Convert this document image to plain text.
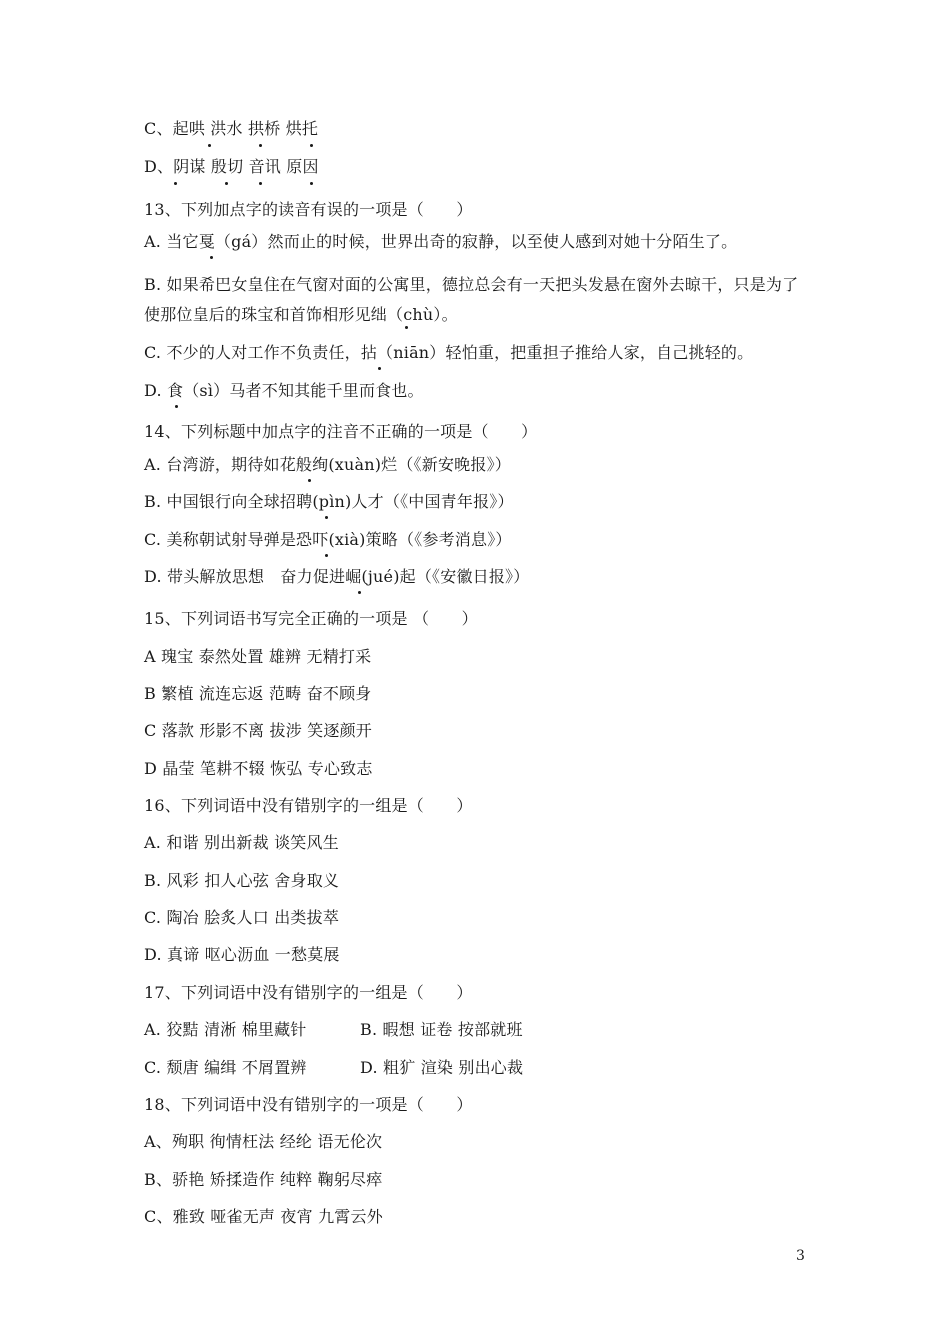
C、起哄 洪水 拱桥 烘托
D、阴谋 殷切 音讯 原因
13、下列加点字的读音有误的一项是（　　）
A. 当它戛（gá）然而止的时候，世界出奇的寂静，以至使人感到对她十分陌生了。
B. 如果希巴女皇住在气窗对面的公寓里，德拉总会有一天把头发悬在窗外去晾干，只是为了使那位皇后的珠宝和首饰相形见绌（chù）。
C. 不少的人对工作不负责任，拈（niān）轻怕重，把重担子推给人家，自己挑轻的。
D. 食（sì）马者不知其能千里而食也。
14、下列标题中加点字的注音不正确的一项是（　　）
A. 台湾游，期待如花般绚(xuàn)烂（《新安晚报》）
B. 中国银行向全球招聘(pìn)人才（《中国青年报》）
C. 美称朝试射导弹是恐吓(xià)策略（《参考消息》）
D. 带头解放思想　奋力促进崛(jué)起（《安徽日报》）
15、下列词语书写完全正确的一项是 （　　）
A 瑰宝 泰然处置 雄辨 无精打采
B 繁植 流连忘返 范畴 奋不顾身
C 落款 形影不离 拔涉 笑逐颜开
D 晶莹 笔耕不辍 恢弘 专心致志
16、下列词语中没有错别字的一组是（　　）
A. 和谐 别出新裁 谈笑风生
B. 风彩 扣人心弦 舍身取义
C. 陶冶 脍炙人口 出类拔萃
D. 真谛 呕心沥血 一愁莫展
17、下列词语中没有错别字的一组是（　　）
A. 狡黠 清淅 棉里藏针	B. 暇想 证卷 按部就班
C. 颓唐 编缉 不屑置辨	D. 粗犷 渲染 别出心裁
18、下列词语中没有错别字的一项是（　　）
A、殉职 徇情枉法 经纶 语无伦次
B、骄艳 矫揉造作 纯粹 鞠躬尽瘁
C、雅致 哑雀无声 夜宵 九霄云外
3
